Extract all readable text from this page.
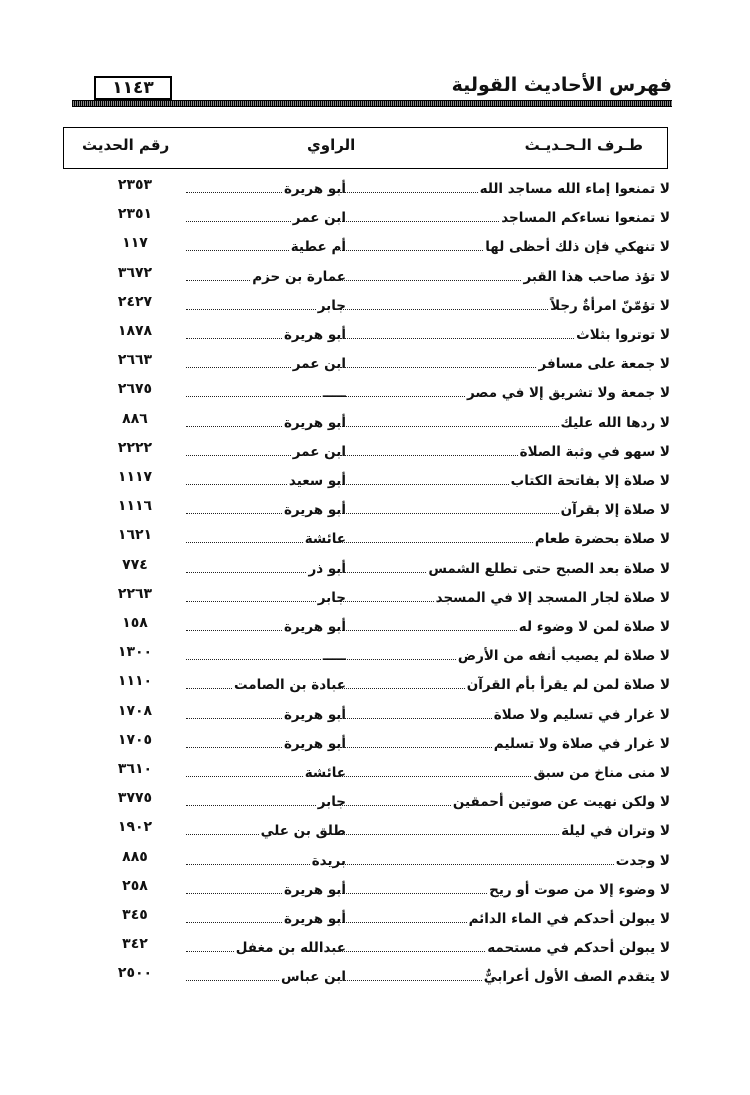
فهرس الأحاديث القولية
١١٤٣
طـرف الـحـديـث
الراوي
رقم الحديث
لا تمنعوا إماء الله مساجد الله
أبو هريرة
٢٣٥٣
لا تمنعوا نساءكم المساجد
ابن عمر
٢٣٥١
لا تنهكي فإن ذلك أحظى لها
أم عطية
١١٧
لا تؤذ صاحب هذا القبر
عمارة بن حزم
٣٦٧٢
لا تؤمّنّ امرأةٌ رجلاً
جابر
٢٤٢٧
لا توتروا بثلاث
أبو هريرة
١٨٧٨
لا جمعة على مسافر
ابن عمر
٢٦٦٣
لا جمعة ولا تشريق إلا في مصر
ـــــ
٢٦٧٥
لا ردها الله عليك
أبو هريرة
٨٨٦
لا سهو في وثبة الصلاة
ابن عمر
٢٢٢٢
لا صلاة إلا بفاتحة الكتاب
أبو سعيد
١١١٧
لا صلاة إلا بقرآن
أبو هريرة
١١١٦
لا صلاة بحضرة طعام
عائشة
١٦٢١
لا صلاة بعد الصبح حتى تطلع الشمس
أبو ذر
٧٧٤
لا صلاة لجار المسجد إلا في المسجد
جابر
٢٢٦٣
لا صلاة لمن لا وضوء له
أبو هريرة
١٥٨
لا صلاة لم يصيب أنفه من الأرض
ـــــ
١٣٠٠
لا صلاة لمن لم يقرأ بأم القرآن
عبادة بن الصامت
١١١٠
لا غرار في تسليم ولا صلاة
أبو هريرة
١٧٠٨
لا غرار في صلاة ولا تسليم
أبو هريرة
١٧٠٥
لا منى مناخ من سبق
عائشة
٣٦١٠
لا ولكن نهيت عن صوتين أحمقين
جابر
٣٧٧٥
لا وتران في ليلة
طلق بن علي
١٩٠٢
لا وجدت
بريدة
٨٨٥
لا وضوء إلا من صوت أو ريح
أبو هريرة
٢٥٨
لا يبولن أحدكم في الماء الدائم
أبو هريرة
٣٤٥
لا يبولن أحدكم في مستحمه
عبدالله بن مغفل
٣٤٢
لا يتقدم الصف الأول أعرابيٌّ
ابن عباس
٢٥٠٠
